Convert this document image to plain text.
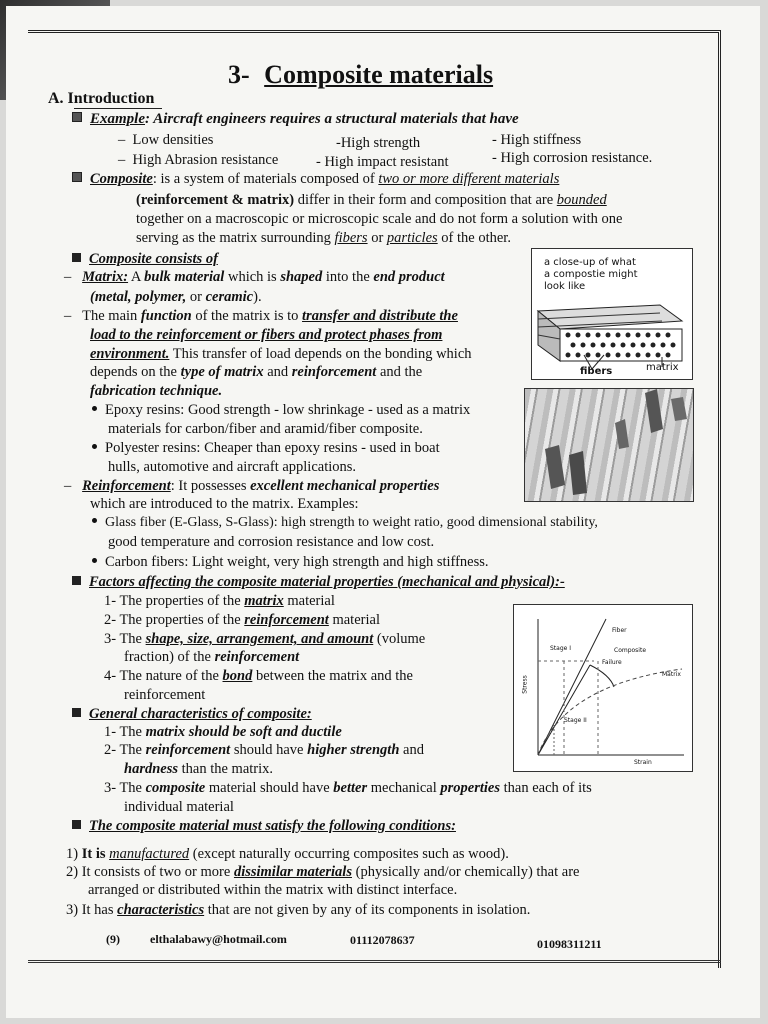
3- Composite materials
A. Introduction
Example: Aircraft engineers requires a structural materials that have
–  Low densities	-High strength	- High stiffness
–  High Abrasion resistance	- High impact resistant	- High corrosion resistance.
Composite: is a system of materials composed of two or more different materials
(reinforcement & matrix) differ in their form and composition that are bounded
together on a macroscopic or microscopic scale and do not form a solution with one
serving as the matrix surrounding fibers or particles of the other.
Composite consists of
–   Matrix: A bulk material which is shaped into the end product
(metal, polymer, or ceramic).
–   The main function of the matrix is to transfer and distribute the
load to the reinforcement or fibers and protect phases from
environment. This transfer of load depends on the bonding which
depends on the type of matrix and reinforcement and the
fabrication technique.
Epoxy resins: Good strength - low shrinkage - used as a matrix
materials for carbon/fiber and aramid/fiber composite.
Polyester resins: Cheaper than epoxy resins - used in boat
hulls, automotive and aircraft applications.
–   Reinforcement: It possesses excellent mechanical properties
which are introduced to the matrix. Examples:
Glass fiber (E-Glass, S-Glass): high strength to weight ratio, good dimensional stability,
good temperature and corrosion resistance and low cost.
Carbon fibers: Light weight, very high strength and high stiffness.
a close-up of what
a compostie might
look like
fibers	matrix
Factors affecting the composite material properties (mechanical and physical):-
1- The properties of the matrix material
2- The properties of the reinforcement material
3- The shape, size, arrangement, and amount (volume
fraction) of the reinforcement
4- The nature of the bond between the matrix and the
reinforcement
Stage I
Stage II
Fiber
Composite
Failure
Matrix
Stress
Strain
General characteristics of composite:
1- The matrix should be soft and ductile
2- The reinforcement should have higher strength and
hardness than the matrix.
3- The composite material should have better mechanical properties than each of its
individual material
The composite material must satisfy the following conditions:
1) It is manufactured (except naturally occurring composites such as wood).
2) It consists of two or more dissimilar materials (physically and/or chemically) that are
arranged or distributed within the matrix with distinct interface.
3) It has characteristics that are not given by any of its components in isolation.
(9)	elthalabawy@hotmail.com	01112078637	01098311211
